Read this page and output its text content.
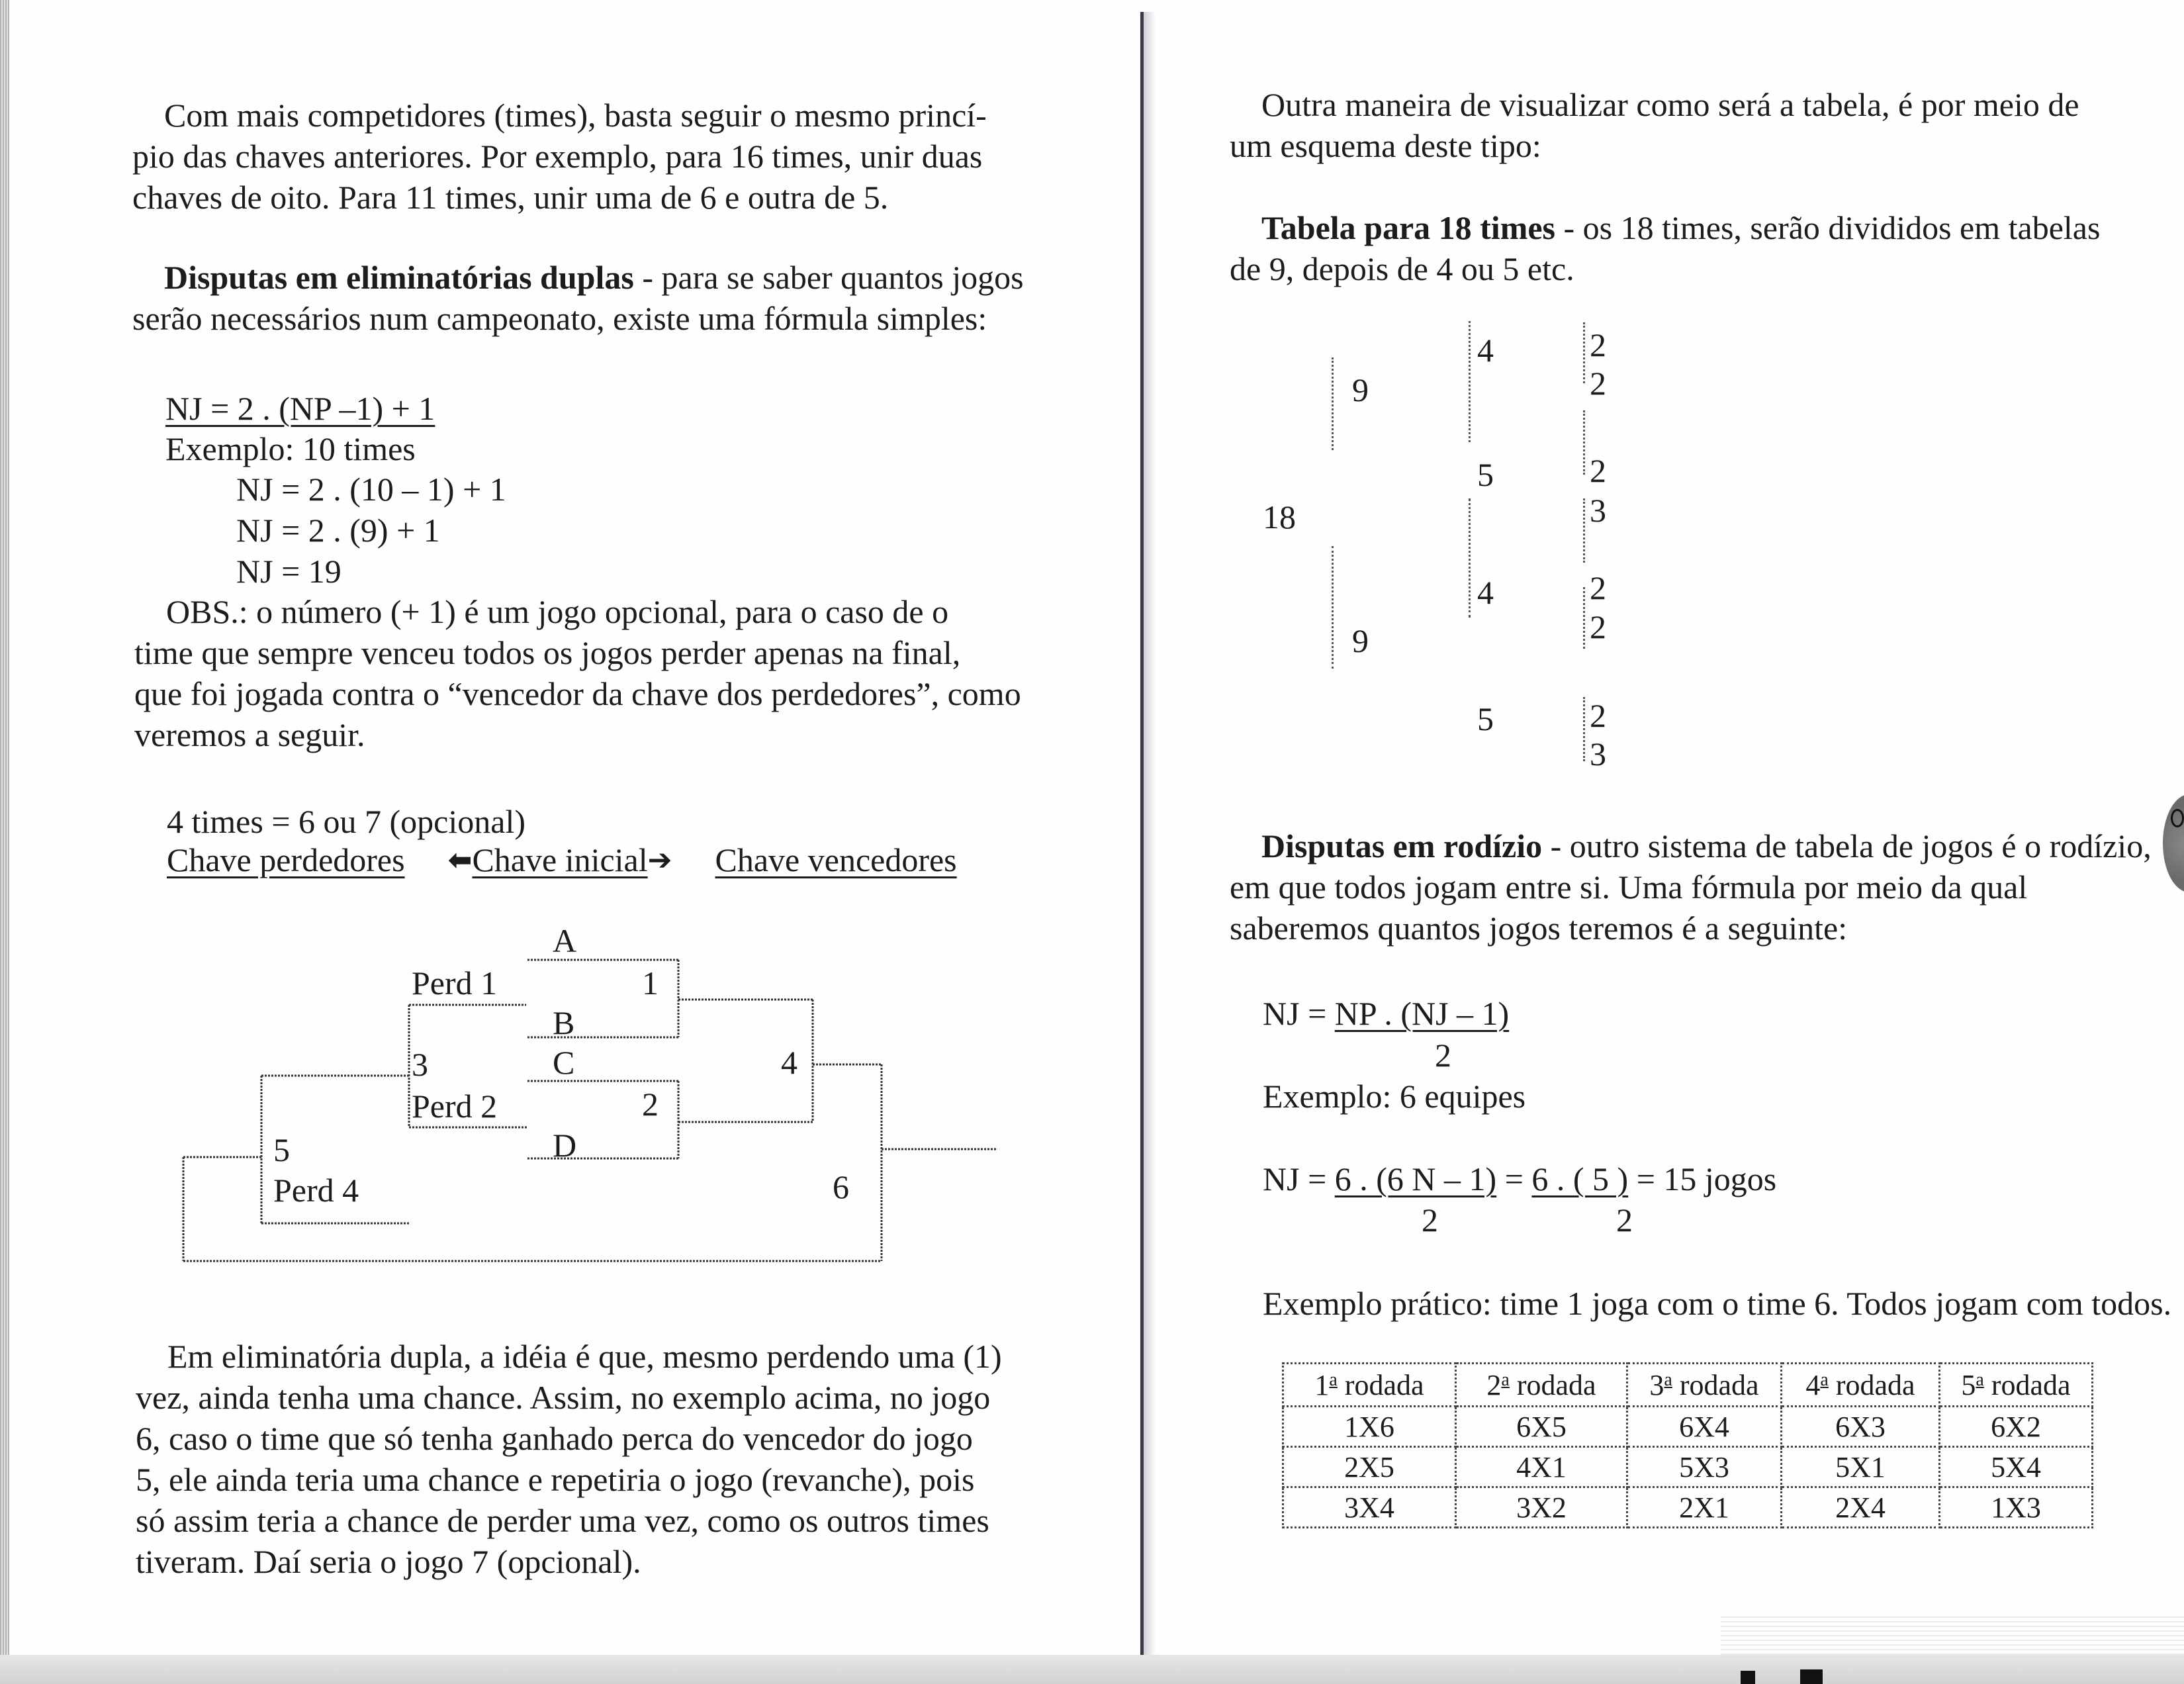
Com mais competidores (times), basta seguir o mesmo princí-

pio das chaves anteriores. Por exemplo, para 16 times, unir duas

chaves de oito. Para 11 times, unir uma de 6 e outra de 5.

Disputas em eliminatórias duplas - para se saber quantos jogos

serão necessários num campeonato, existe uma fórmula simples:

NJ = 2 . (NP –1) + 1
Exemplo: 10 times
NJ = 2 . (10 – 1) + 1
NJ = 2 . (9) + 1
NJ = 19

OBS.: o número (+ 1) é um jogo opcional, para o caso de o

time que sempre venceu todos os jogos perder apenas na final,

que foi jogada contra o “vencedor da chave dos perdedores”, como

veremos a seguir.

4 times = 6 ou 7 (opcional)
Chave perdedores ⬅Chave inicial➔ Chave vencedores
A
B
C
D
1
2
3	4
5
6
Perd 1
Perd 2
Perd 4

Em eliminatória dupla, a idéia é que, mesmo perdendo uma (1)

vez, ainda tenha uma chance. Assim, no exemplo acima, no jogo

6, caso o time que só tenha ganhado perca do vencedor do jogo

5, ele ainda teria uma chance e repetiria o jogo (revanche), pois

só assim teria a chance de perder uma vez, como os outros times

tiveram. Daí seria o jogo 7 (opcional).

Outra maneira de visualizar como será a tabela, é por meio de

um esquema deste tipo:

Tabela para 18 times - os 18 times, serão divididos em tabelas

de 9, depois de 4 ou 5 etc.

18
9
9
4
5
4
5
2
2
2
3
2
2
2
3

Disputas em rodízio - outro sistema de tabela de jogos é o rodízio,

em que todos jogam entre si. Uma fórmula por meio da qual

saberemos quantos jogos teremos é a seguinte:

NJ = NP . (NJ – 1)
2
Exemplo: 6 equipes
NJ = 6 . (6 N – 1) = 6 . ( 5 ) = 15 jogos
2	2
Exemplo prático: time 1 joga com o time 6. Todos jogam com todos.
1$^a$ rodada	2$^a$ rodada	3$^a$ rodada	4$^a$ rodada	5$^a$ rodada
1X6	6X5	6X4	6X3	6X2
2X5	4X1	5X3	5X1	5X4
3X4	3X2	2X1	2X4	1X3
